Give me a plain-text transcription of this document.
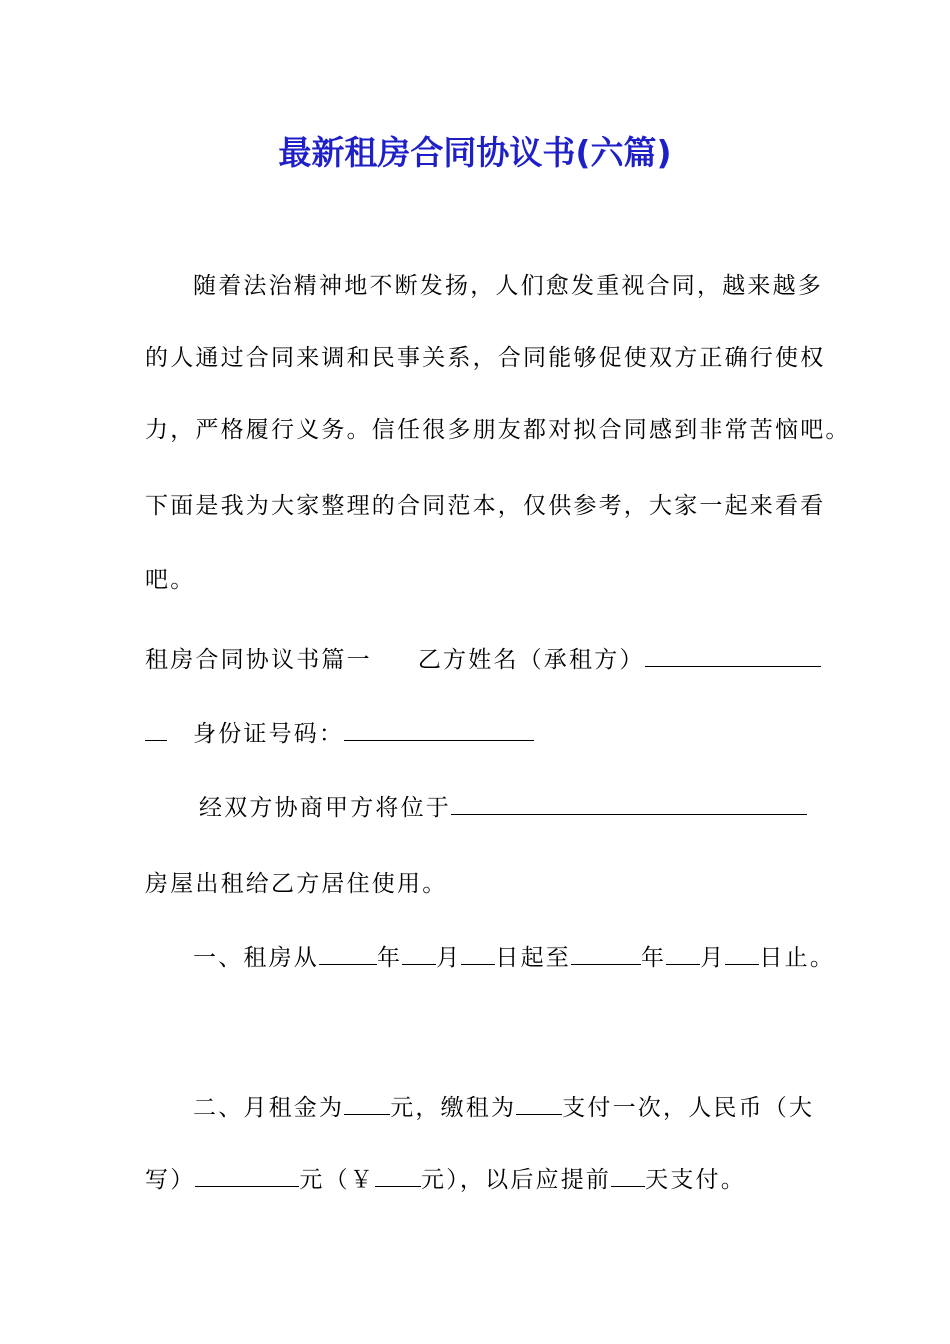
最新租房合同协议书(六篇)
随着法治精神地不断发扬，人们愈发重视合同，越来越多
的人通过合同来调和民事关系，合同能够促使双方正确行使权
力，严格履行义务。信任很多朋友都对拟合同感到非常苦恼吧。
下面是我为大家整理的合同范本，仅供参考，大家一起来看看
吧。
租房合同协议书篇一 乙方姓名（承租方）
身份证号码：
经双方协商甲方将位于
房屋出租给乙方居住使用。
一、租房从	年 月 日起至	年 月 日止。
二、月租金为 元，缴租为 支付一次，人民币（大
写）	元（￥ 元），以后应提前 天支付。
